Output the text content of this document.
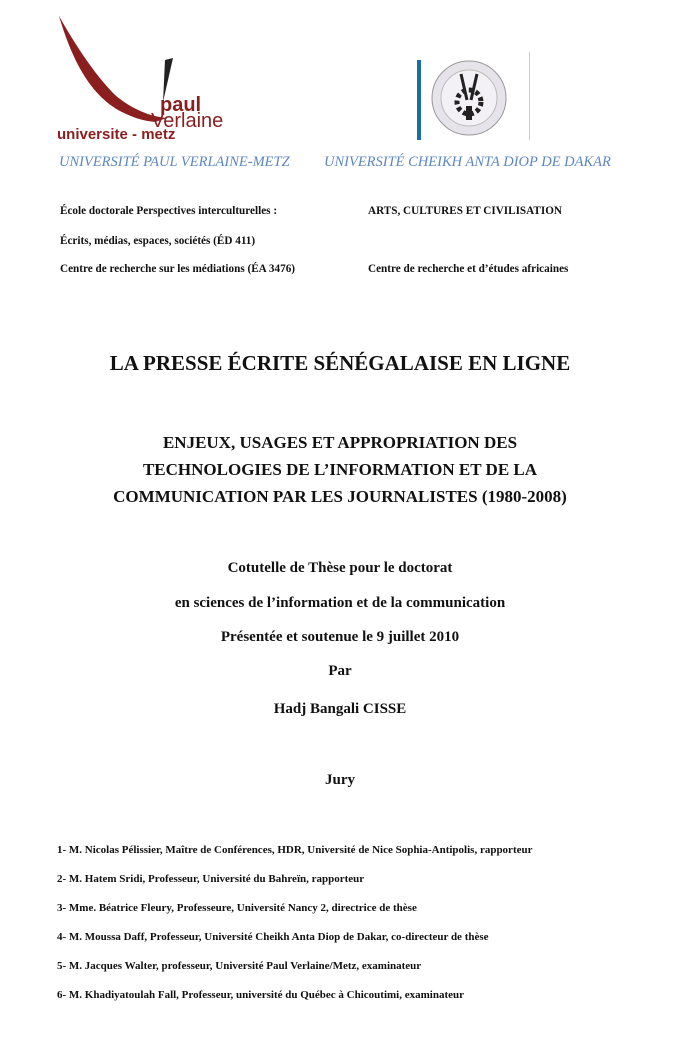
paul
Verlaine
universite - metz
UNIVERSITÉ PAUL VERLAINE-METZ UNIVERSITÉ CHEIKH ANTA DIOP DE DAKAR
École doctorale Perspectives interculturelles :
Écrits, médias, espaces, sociétés (ÉD 411)
Centre de recherche sur les médiations (ÉA 3476)
ARTS, CULTURES ET CIVILISATION
Centre de recherche et d’études africaines
LA PRESSE ÉCRITE SÉNÉGALAISE EN LIGNE
ENJEUX, USAGES ET APPROPRIATION DES
TECHNOLOGIES DE L’INFORMATION ET DE LA
COMMUNICATION PAR LES JOURNALISTES (1980-2008)
Cotutelle de Thèse pour le doctorat
en sciences de l’information et de la communication
Présentée et soutenue le 9 juillet 2010
Par
Hadj Bangali CISSE
Jury
1- M. Nicolas Pélissier, Maître de Conférences, HDR, Université de Nice Sophia-Antipolis, rapporteur
2- M. Hatem Sridi, Professeur, Université du Bahreïn, rapporteur
3- Mme. Béatrice Fleury, Professeure, Université Nancy 2, directrice de thèse
4- M. Moussa Daff, Professeur, Université Cheikh Anta Diop de Dakar, co-directeur de thèse
5- M. Jacques Walter, professeur, Université Paul Verlaine/Metz, examinateur
6- M. Khadiyatoulah Fall, Professeur, université du Québec à Chicoutimi, examinateur
